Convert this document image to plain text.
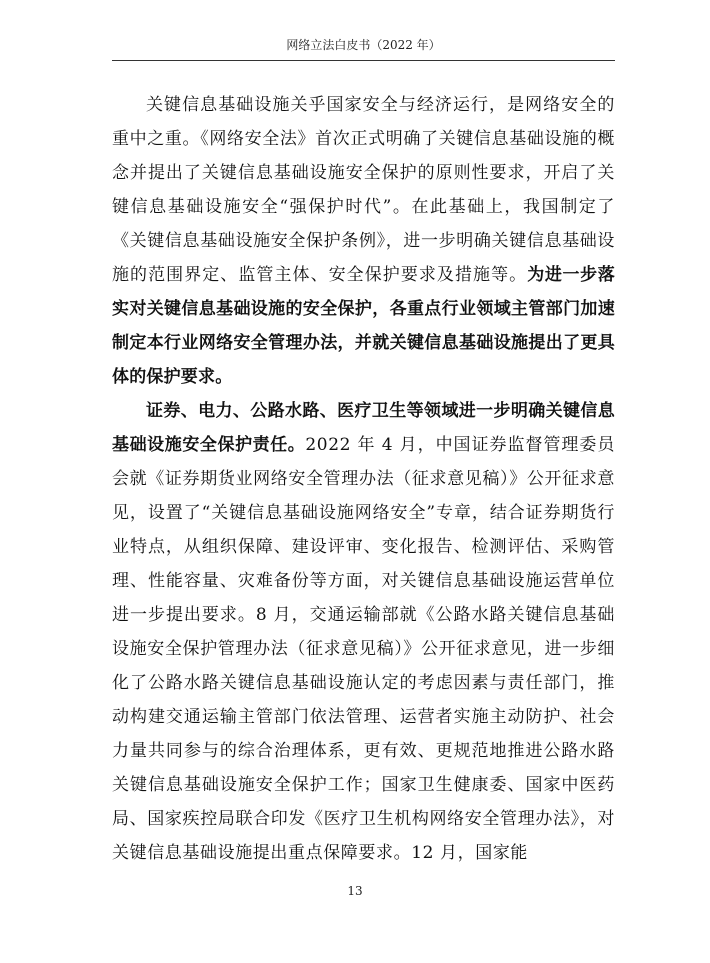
网络立法白皮书（2022 年）

关键信息基础设施关乎国家安全与经济运行，是网络安全的重中之重。《网络安全法》首次正式明确了关键信息基础设施的概念并提出了关键信息基础设施安全保护的原则性要求，开启了关键信息基础设施安全“强保护时代”。在此基础上，我国制定了《关键信息基础设施安全保护条例》，进一步明确关键信息基础设施的范围界定、监管主体、安全保护要求及措施等。为进一步落实对关键信息基础设施的安全保护，各重点行业领域主管部门加速制定本行业网络安全管理办法，并就关键信息基础设施提出了更具体的保护要求。

证券、电力、公路水路、医疗卫生等领域进一步明确关键信息基础设施安全保护责任。2022 年 4 月，中国证券监督管理委员会就《证券期货业网络安全管理办法（征求意见稿）》公开征求意见，设置了“关键信息基础设施网络安全”专章，结合证券期货行业特点，从组织保障、建设评审、变化报告、检测评估、采购管理、性能容量、灾难备份等方面，对关键信息基础设施运营单位进一步提出要求。8 月，交通运输部就《公路水路关键信息基础设施安全保护管理办法（征求意见稿）》公开征求意见，进一步细化了公路水路关键信息基础设施认定的考虑因素与责任部门，推动构建交通运输主管部门依法管理、运营者实施主动防护、社会力量共同参与的综合治理体系，更有效、更规范地推进公路水路关键信息基础设施安全保护工作；国家卫生健康委、国家中医药局、国家疾控局联合印发《医疗卫生机构网络安全管理办法》，对关键信息基础设施提出重点保障要求。12 月，国家能

13
